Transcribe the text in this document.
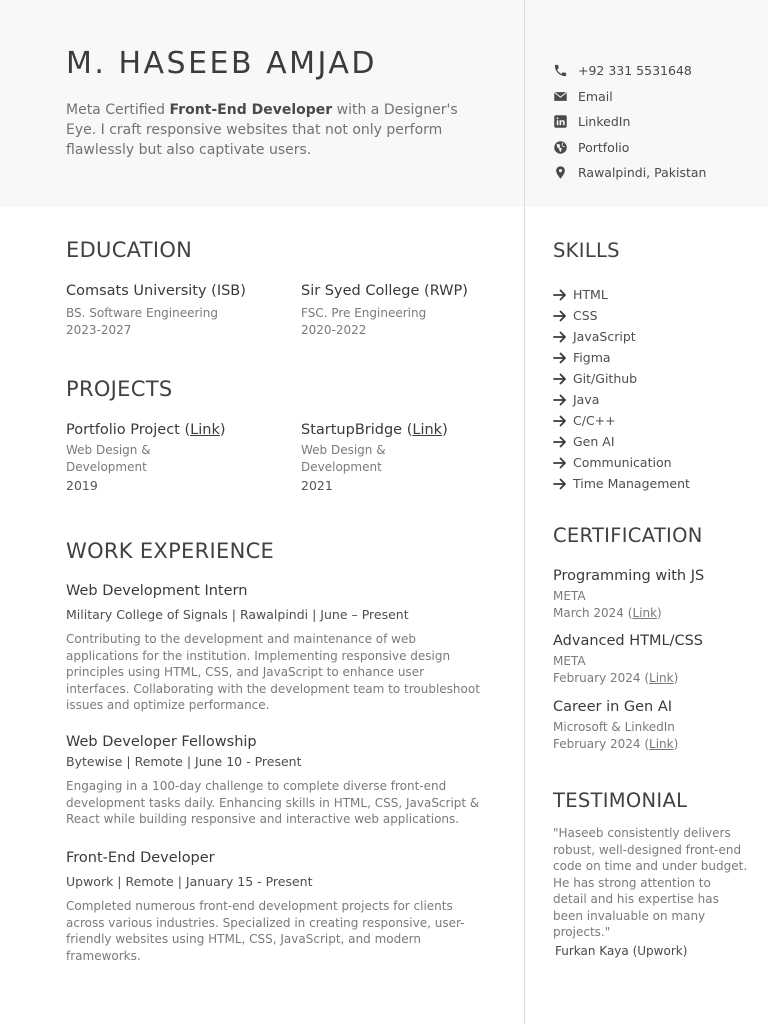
M. HASEEB AMJAD

Meta Certified Front-End Developer with a Designer's Eye. I craft responsive websites that not only perform flawlessly but also captivate users.

+92 331 5531648
Email
LinkedIn
Portfolio
Rawalpindi, Pakistan
EDUCATION
Comsats University (ISB)
BS. Software Engineering
2023-2027
Sir Syed College (RWP)
FSC. Pre Engineering
2020-2022
PROJECTS
Portfolio Project (Link)
Web Design & Development
2019
StartupBridge (Link)
Web Design & Development
2021
WORK EXPERIENCE
Web Development Intern
Military College of Signals | Rawalpindi | June – Present
Contributing to the development and maintenance of web applications for the institution. Implementing responsive design principles using HTML, CSS, and JavaScript to enhance user interfaces. Collaborating with the development team to troubleshoot issues and optimize performance.
Web Developer Fellowship
Bytewise | Remote | June 10 - Present
Engaging in a 100-day challenge to complete diverse front-end development tasks daily. Enhancing skills in HTML, CSS, JavaScript & React while building responsive and interactive web applications.
Front-End Developer
Upwork | Remote | January 15 - Present
Completed numerous front-end development projects for clients across various industries. Specialized in creating responsive, user-friendly websites using HTML, CSS, JavaScript, and modern frameworks.
SKILLS
HTML
CSS
JavaScript
Figma
Git/Github
Java
C/C++
Gen AI
Communication
Time Management
CERTIFICATION
Programming with JS
META
March 2024 (Link)
Advanced HTML/CSS
META
February 2024 (Link)
Career in Gen AI
Microsoft & LinkedIn
February 2024 (Link)
TESTIMONIAL

"Haseeb consistently delivers robust, well-designed front-end code on time and under budget. He has strong attention to detail and his expertise has been invaluable on many projects."

Furkan Kaya (Upwork)
